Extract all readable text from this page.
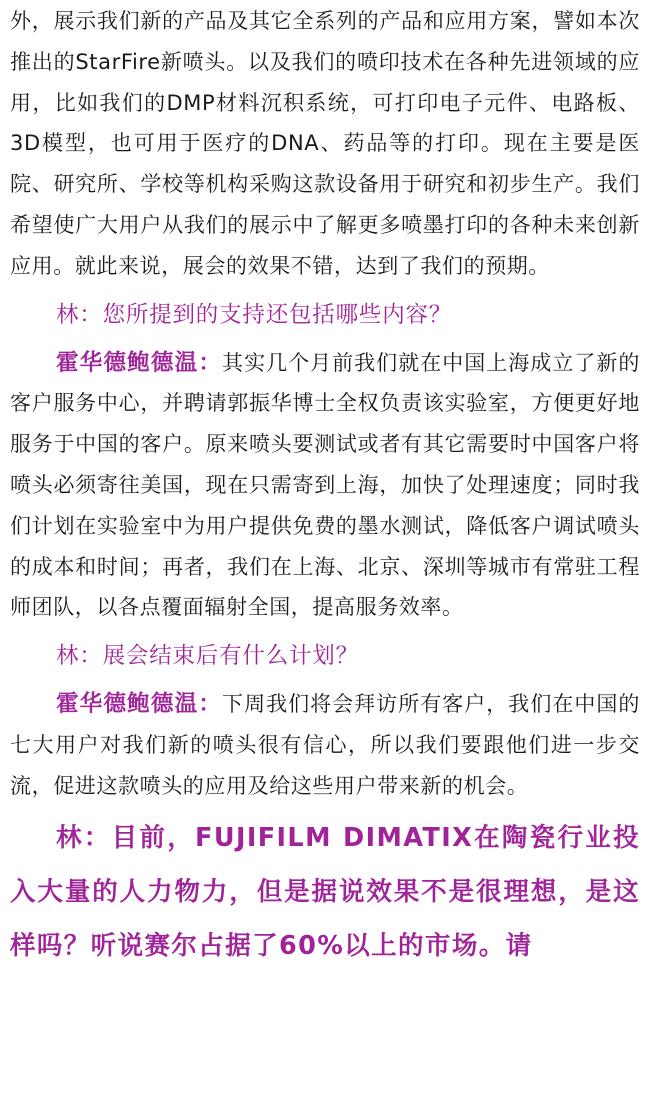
外，展示我们新的产品及其它全系列的产品和应用方案，譬如本次推出的StarFire新喷头。以及我们的喷印技术在各种先进领域的应用，比如我们的DMP材料沉积系统，可打印电子元件、电路板、3D模型，也可用于医疗的DNA、药品等的打印。现在主要是医院、研究所、学校等机构采购这款设备用于研究和初步生产。我们希望使广大用户从我们的展示中了解更多喷墨打印的各种未来创新应用。就此来说，展会的效果不错，达到了我们的预期。

林：您所提到的支持还包括哪些内容？

霍华德鲍德温：其实几个月前我们就在中国上海成立了新的客户服务中心，并聘请郭振华博士全权负责该实验室，方便更好地服务于中国的客户。原来喷头要测试或者有其它需要时中国客户将喷头必须寄往美国，现在只需寄到上海，加快了处理速度；同时我们计划在实验室中为用户提供免费的墨水测试，降低客户调试喷头的成本和时间；再者，我们在上海、北京、深圳等城市有常驻工程师团队，以各点覆面辐射全国，提高服务效率。

林：展会结束后有什么计划？

霍华德鲍德温：下周我们将会拜访所有客户，我们在中国的七大用户对我们新的喷头很有信心，所以我们要跟他们进一步交流，促进这款喷头的应用及给这些用户带来新的机会。

林：目前，FUJIFILM DIMATIX在陶瓷行业投入大量的人力物力，但是据说效果不是很理想，是这样吗？听说赛尔占据了60%以上的市场。请
